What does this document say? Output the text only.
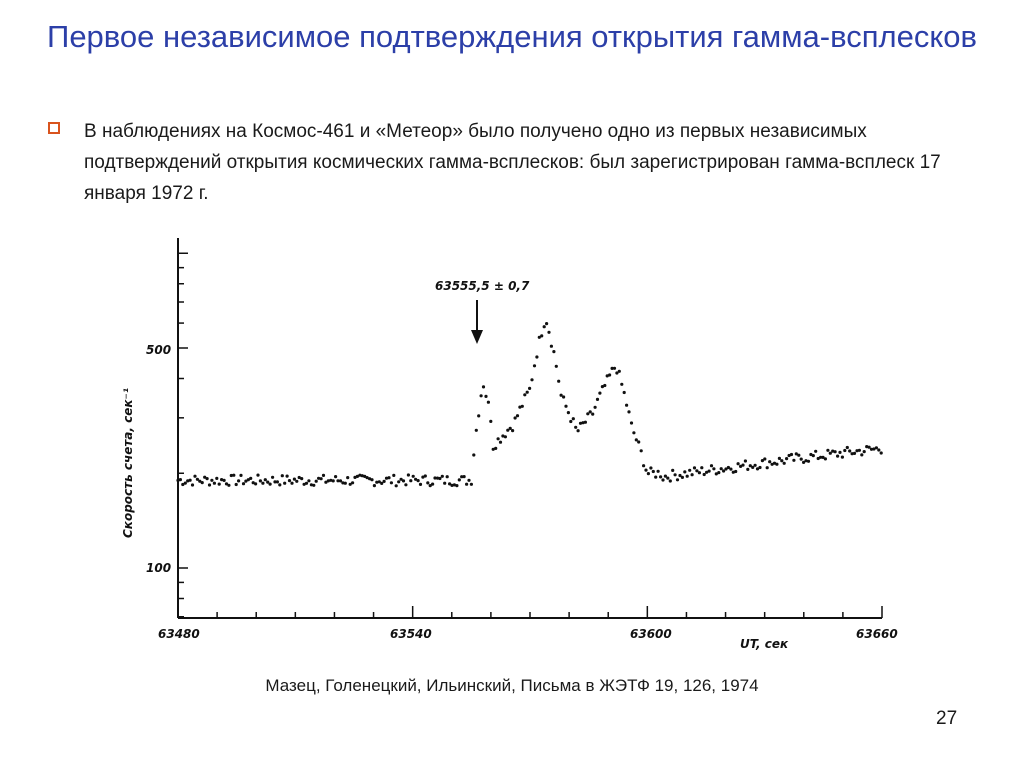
Первое независимое подтверждения открытия гамма-всплесков
В наблюдениях на Космос-461 и «Метеор» было получено одно из первых независимых подтверждений открытия космических гамма-всплесков: был зарегистрирован гамма-всплеск 17 января 1972 г.
63480	63540	63600	63660
500
100
UT, сек
Скорость счета, сек⁻¹
63555,5 ± 0,7
Мазец, Голенецкий, Ильинский, Письма в ЖЭТФ 19, 126, 1974
27
